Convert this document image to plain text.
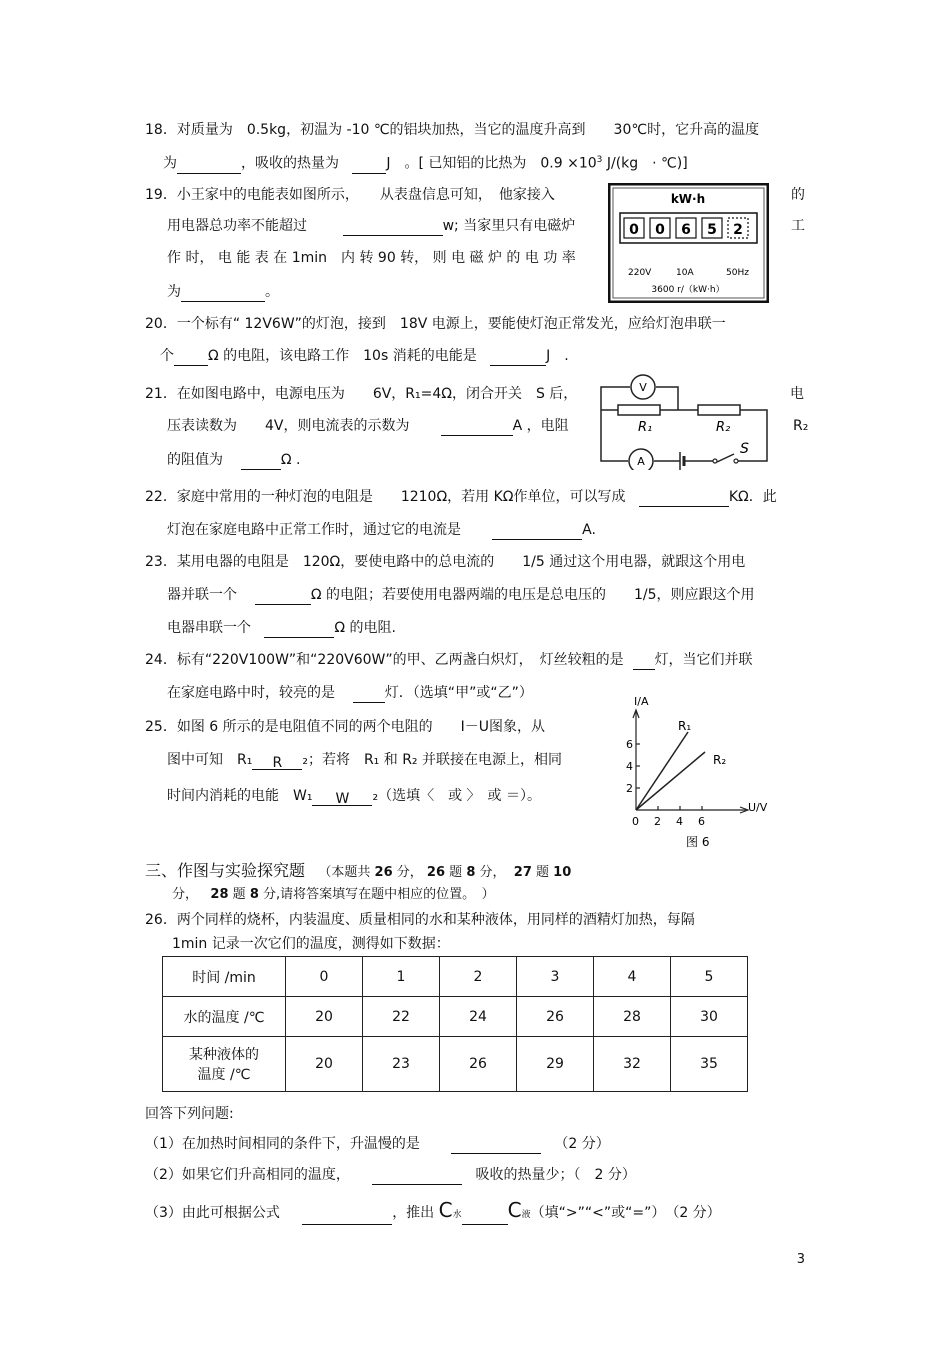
18．对质量为　0.5kg，初温为 -10 ℃的铝块加热，当它的温度升高到　　30℃时，它升高的温度
为	，吸收的热量为	J　。[ 已知铝的比热为　$0.9 \times 10^3$ J/(kg　· ℃)]
19．小王家中的电能表如图所示，　　从表盘信息可知，　他家接入	的
用电器总功率不能超过	w; 当家里只有电磁炉	工
作 时， 电 能 表 在 1min　内 转 90 转， 则 电 磁 炉 的 电 功 率
为	。
kW·h
0 0 6 5 2
220V	10A	50Hz
3600 r/（kW·h）
20．一个标有“ 12V6W”的灯泡，接到　18V 电源上，要能使灯泡正常发光，应给灯泡串联一
个 Ω 的电阻，该电路工作　10s 消耗的电能是	J　.
21．在如图电路中，电源电压为　　6V，R₁=4Ω，闭合开关　S 后，	电
压表读数为　　4V，则电流表的示数为	A ，电阻	R₂
的阻值为	Ω .
V
A
R₁	R₂
S
22．家庭中常用的一种灯泡的电阻是　　1210Ω，若用 KΩ作单位，可以写成	KΩ．此
灯泡在家庭电路中正常工作时，通过它的电流是	A.
23．某用电器的电阻是　120Ω，要使电路中的总电流的　　1/5 通过这个用电器，就跟这个用电
器并联一个	Ω 的电阻；若要使用电器两端的电压是总电压的　　1/5，则应跟这个用
电器串联一个	Ω 的电阻.
24．标有“220V100W”和“220V60W”的甲、乙两盏白炽灯，　灯丝较粗的是 灯，当它们并联
在家庭电路中时，较亮的是	灯．（选填“甲”或“乙”）
25．如图 6 所示的是电阻值不同的两个电阻的　　I－U图象，从
图中可知　R₁ R ₂；若将　R₁ 和 R₂ 并联接在电源上，相同
时间内消耗的电能　W₁ W ₂（选填〈　或 〉　或 ＝）。
I/A
U/V
2
4
6
0 2 4 6
R₁
R₂
图 6
三、作图与实验探究题 （本题共 26 分， 26 题 8 分， 27 题 10
分， 28 题 8 分,请将答案填写在题中相应的位置。　）
26．两个同样的烧杯，内装温度、质量相同的水和某种液体，用同样的酒精灯加热，每隔
1min 记录一次它们的温度，测得如下数据：
时间 /min	0	1	2	3	4	5
水的温度 /℃	20	22	24	26	28	30

某种液体的
温度 /℃	20	23	26	29	32	35
回答下列问题:
（1）在加热时间相同的条件下，升温慢的是	（2 分）
（2）如果它们升高相同的温度，	吸收的热量少；（　2 分）
（3）由此可根据公式	，推出 C水 C液（填“>”“<”或“=”）　（2 分）
3
